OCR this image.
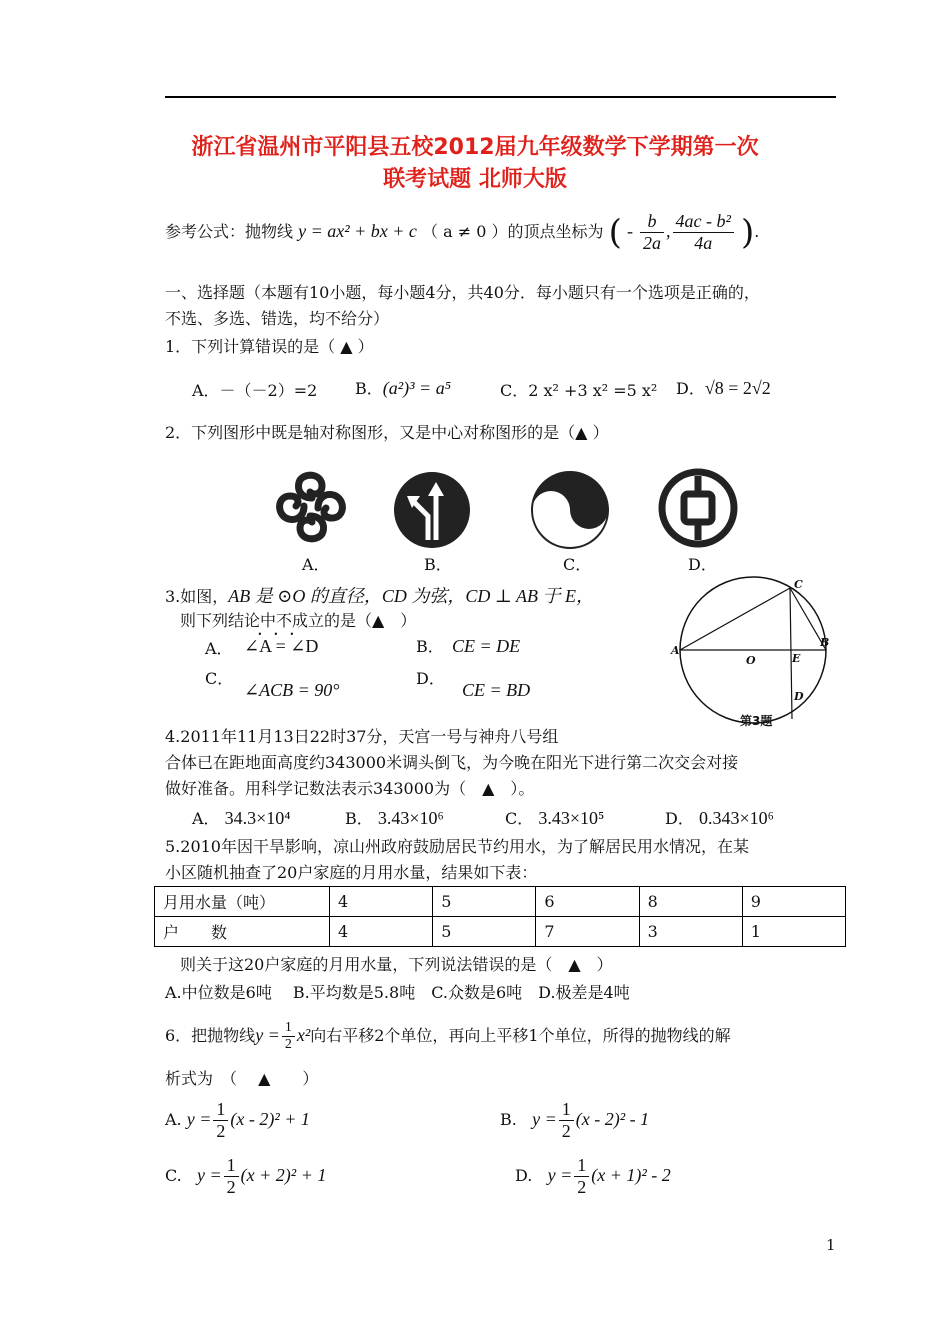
浙江省温州市平阳县五校2012届九年级数学下学期第一次
联考试题 北师大版
参考公式：抛物线 y = ax² + bx + c （ a ≠ 0 ）的顶点坐标为 ( - $\frac{b}{2a}$ , $\frac{\text{4ac - b²}}{4a}$ ).
一、选择题（本题有10小题，每小题4分，共40分．每小题只有一个选项是正确的，
不选、多选、错选，均不给分）
1．下列计算错误的是（ ▲ ）
A．－（－2）=2 B．(a²)³ = a⁵	C．2 x² +3 x² =5 x² D．√8 = 2√2
2．下列图形中既是轴对称图形，又是中心对称图形的是（▲ ）
A．	B．	C．	D．
3.如图，AB 是 ⊙O 的直径，CD 为弦，CD ⊥ AB 于 E，
则下列结论中不成立的是（▲　）
A． ∠A = ∠D	B． CE = DE
C．
∠ACB = 90°
D．
CE = BD
A
O	E
B
C
D
第3题
4.2011年11月13日22时37分，天宫一号与神舟八号组
合体已在距地面高度约343000米调头倒飞，为今晚在阳光下进行第二次交会对接
做好准备。用科学记数法表示343000为（　▲　）。
A． 34.3×10⁴	B． 3.43×10⁶	C． 3.43×10⁵	D． 0.343×10⁶
5.2010年因干旱影响，凉山州政府鼓励居民节约用水，为了解居民用水情况，在某
小区随机抽查了20户家庭的月用水量，结果如下表：
月用水量（吨）	4	5	6	8	9
户　　数	4	5	7	3	1
则关于这20户家庭的月用水量，下列说法错误的是（　▲　）
A.中位数是6吨　 B.平均数是5.8吨　C.众数是6吨　D.极差是4吨
6．把抛物线$y = \frac{1}{2} x^2$向右平移2个单位，再向上平移1个单位，所得的抛物线的解
析式为　（　 ▲　　）
A. $y = \frac{1}{2} (x - 2)^2 + 1$	B. $y = \frac{1}{2} (x - 2)^2 - 1$
C. $y = \frac{1}{2} (x + 2)^2 + 1$	D. $y = \frac{1}{2} (x + 1)^2 - 2$
1
